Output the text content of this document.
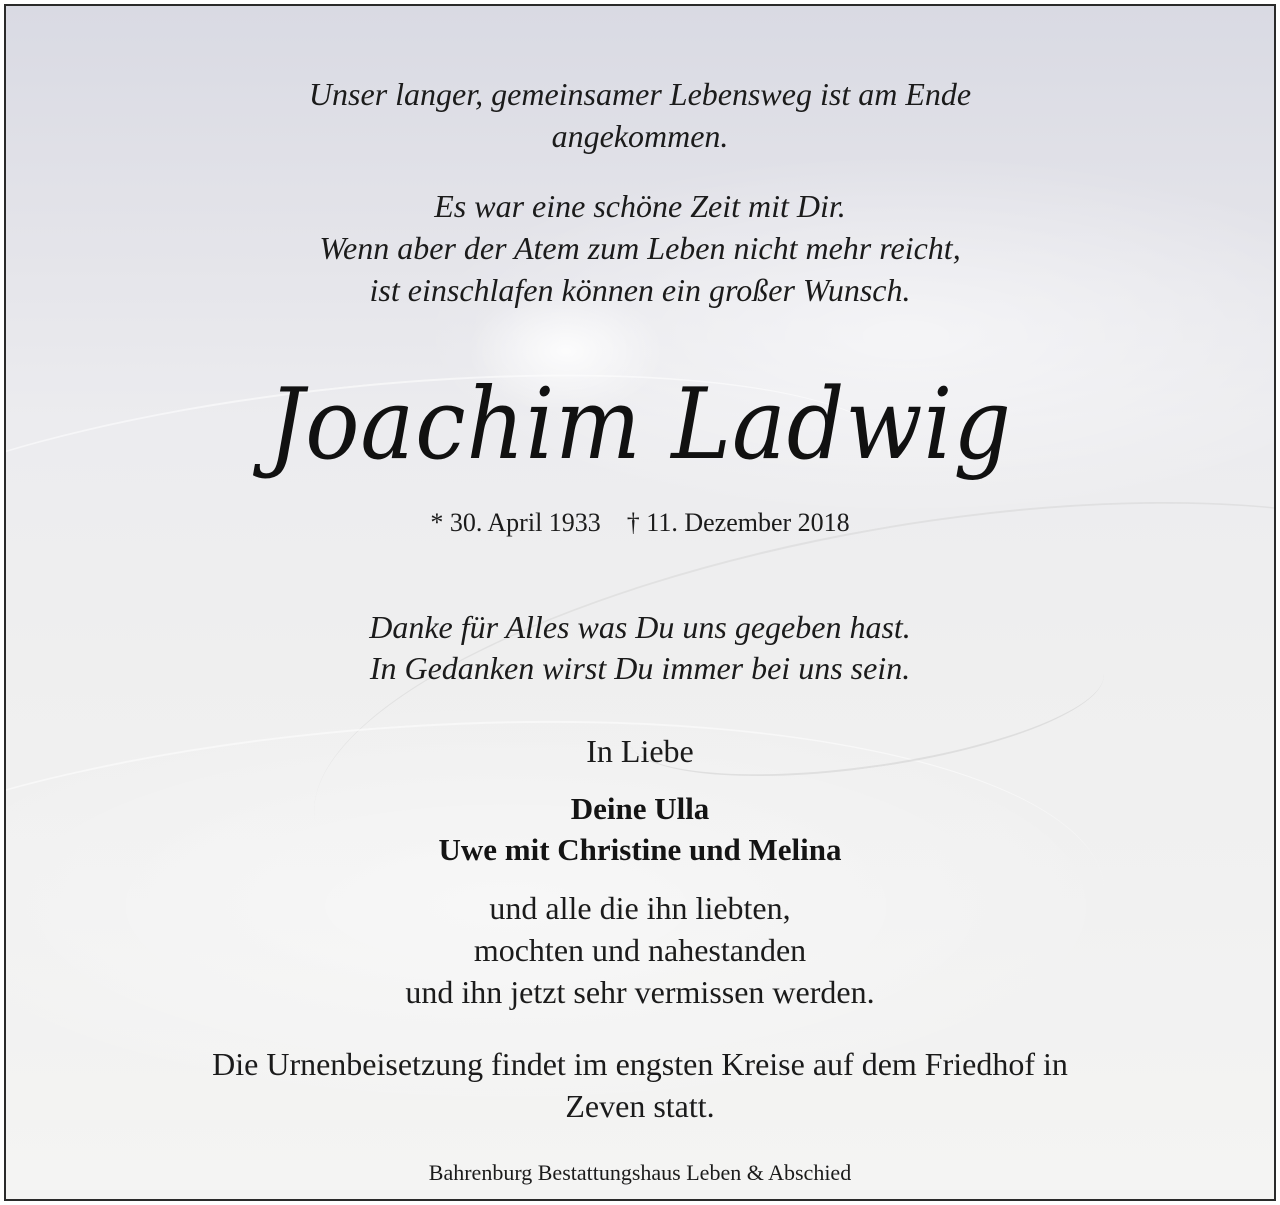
Unser langer, gemeinsamer Lebensweg ist am Ende
angekommen.
Es war eine schöne Zeit mit Dir.
Wenn aber der Atem zum Leben nicht mehr reicht,
ist einschlafen können ein großer Wunsch.
Joachim Ladwig
* 30. April 1933 † 11. Dezember 2018
Danke für Alles was Du uns gegeben hast.
In Gedanken wirst Du immer bei uns sein.
In Liebe
Deine Ulla
Uwe mit Christine und Melina
und alle die ihn liebten,
mochten und nahestanden
und ihn jetzt sehr vermissen werden.
Die Urnenbeisetzung findet im engsten Kreise auf dem Friedhof in
Zeven statt.
Bahrenburg Bestattungshaus Leben & Abschied
